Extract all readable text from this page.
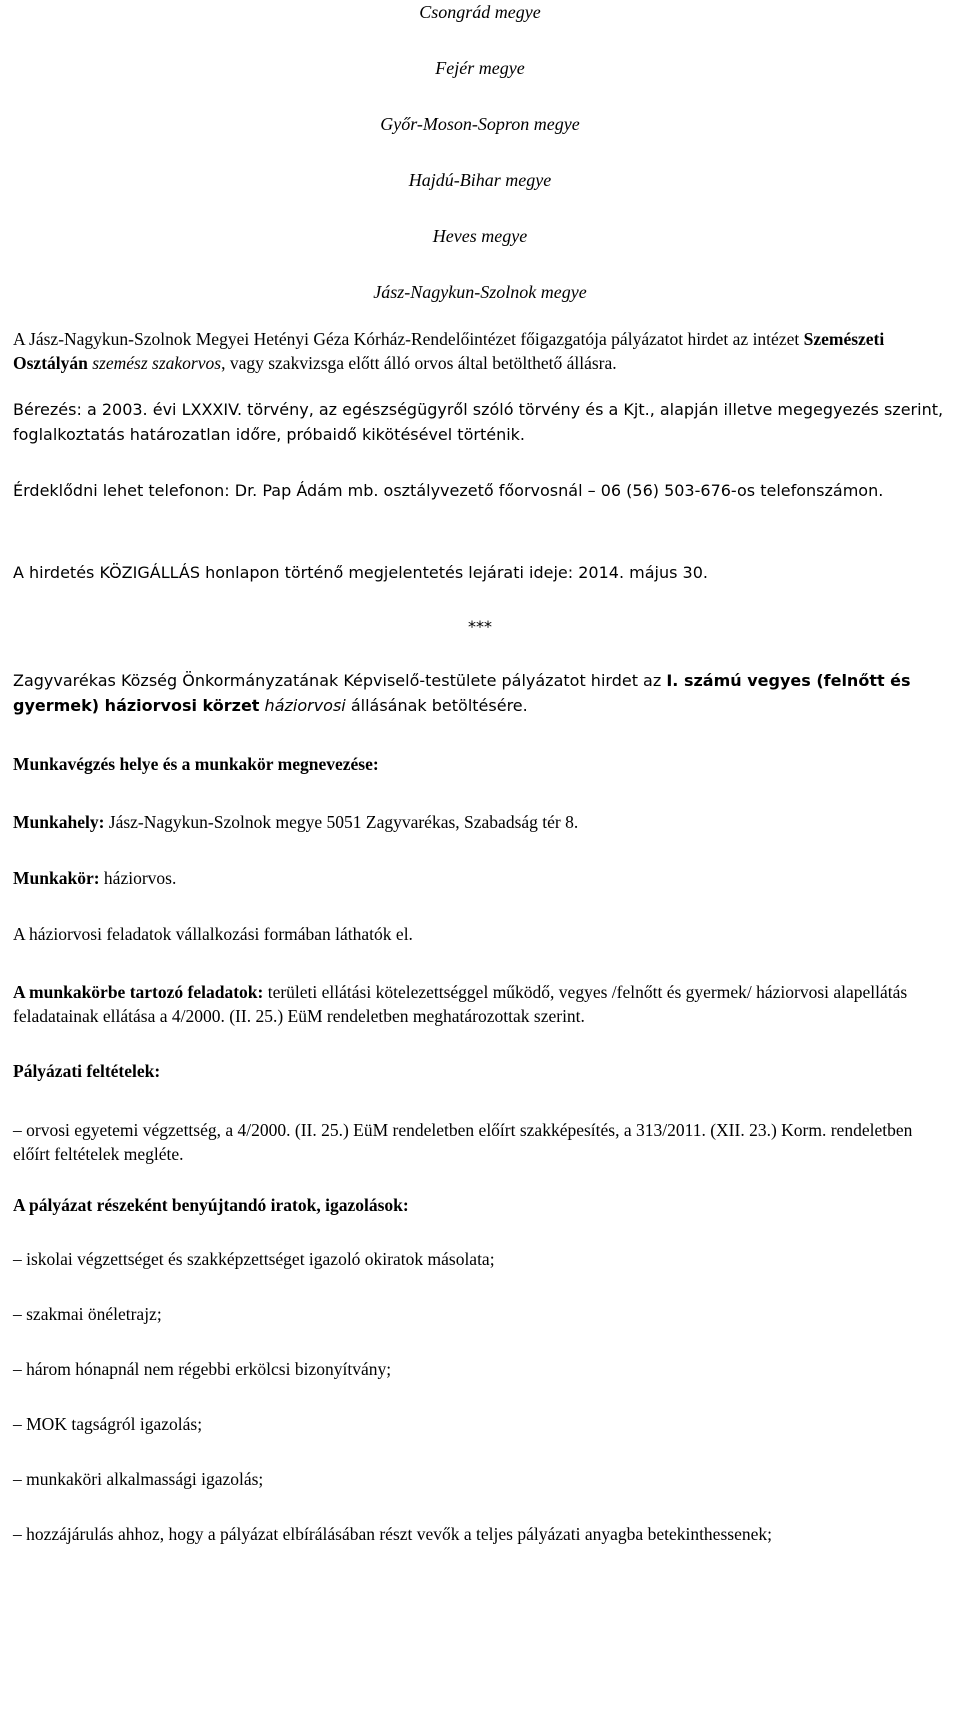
Csongrád megye
Fejér megye
Győr-Moson-Sopron megye
Hajdú-Bihar megye
Heves megye
Jász-Nagykun-Szolnok megye

A Jász-Nagykun-Szolnok Megyei Hetényi Géza Kórház-Rendelőintézet főigazgatója pályázatot hirdet az intézet Szemészeti Osztályán szemész szakorvos, vagy szakvizsga előtt álló orvos által betölthető állásra.

Bérezés: a 2003. évi LXXXIV. törvény, az egészségügyről szóló törvény és a Kjt., alapján illetve megegyezés szerint, foglalkoztatás határozatlan időre, próbaidő kikötésével történik.

Érdeklődni lehet telefonon: Dr. Pap Ádám mb. osztályvezető főorvosnál – 06 (56) 503-676-os telefonszámon.

A hirdetés KÖZIGÁLLÁS honlapon történő megjelentetés lejárati ideje: 2014. május 30.

***

Zagyvarékas Község Önkormányzatának Képviselő-testülete pályázatot hirdet az I. számú vegyes (felnőtt és gyermek) háziorvosi körzet háziorvosi állásának betöltésére.

Munkavégzés helye és a munkakör megnevezése:

Munkahely: Jász-Nagykun-Szolnok megye 5051 Zagyvarékas, Szabadság tér 8.

Munkakör: háziorvos.

A háziorvosi feladatok vállalkozási formában láthatók el.

A munkakörbe tartozó feladatok: területi ellátási kötelezettséggel működő, vegyes /felnőtt és gyermek/ háziorvosi alapellátás feladatainak ellátása a 4/2000. (II. 25.) EüM rendeletben meghatározottak szerint.

Pályázati feltételek:

– orvosi egyetemi végzettség, a 4/2000. (II. 25.) EüM rendeletben előírt szakképesítés, a 313/2011. (XII. 23.) Korm. rendeletben előírt feltételek megléte.

A pályázat részeként benyújtandó iratok, igazolások:

– iskolai végzettséget és szakképzettséget igazoló okiratok másolata;

– szakmai önéletrajz;

– három hónapnál nem régebbi erkölcsi bizonyítvány;

– MOK tagságról igazolás;

– munkaköri alkalmassági igazolás;

– hozzájárulás ahhoz, hogy a pályázat elbírálásában részt vevők a teljes pályázati anyagba betekinthessenek;
